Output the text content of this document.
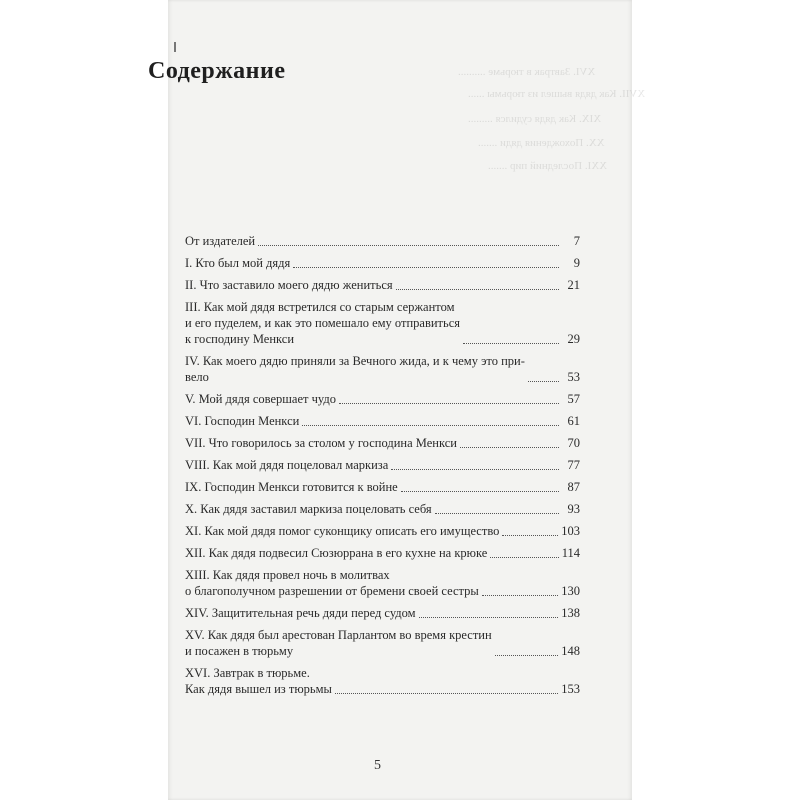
XVI. Завтрак в тюрьме ..........
XVII. Как дядя вышел из тюрьмы ......
XIX. Как дядя судился .........
XX. Похождения дяди .......
XXI. Последний пир .......
Содержание
От издателей	7
I. Кто был мой дядя	9
II. Что заставило моего дядю жениться	21
III. Как мой дядя встретился со старым сержантом
и его пуделем, и как это помешало ему отправиться
к господину Менкси	29
IV. Как моего дядю приняли за Вечного жида, и к чему это при-
вело	53
V. Мой дядя совершает чудо	57
VI. Господин Менкси	61
VII. Что говорилось за столом у господина Менкси	70
VIII. Как мой дядя поцеловал маркиза	77
IX. Господин Менкси готовится к войне	87
X. Как дядя заставил маркиза поцеловать себя	93
XI. Как мой дядя помог суконщику описать его имущество	103
XII. Как дядя подвесил Сюзюррана в его кухне на крюке	114
XIII. Как дядя провел ночь в молитвах
о благополучном разрешении от бремени своей сестры	130
XIV. Защитительная речь дяди перед судом	138
XV. Как дядя был арестован Парлантом во время крестин
и посажен в тюрьму	148
XVI. Завтрак в тюрьме.
Как дядя вышел из тюрьмы	153
5
